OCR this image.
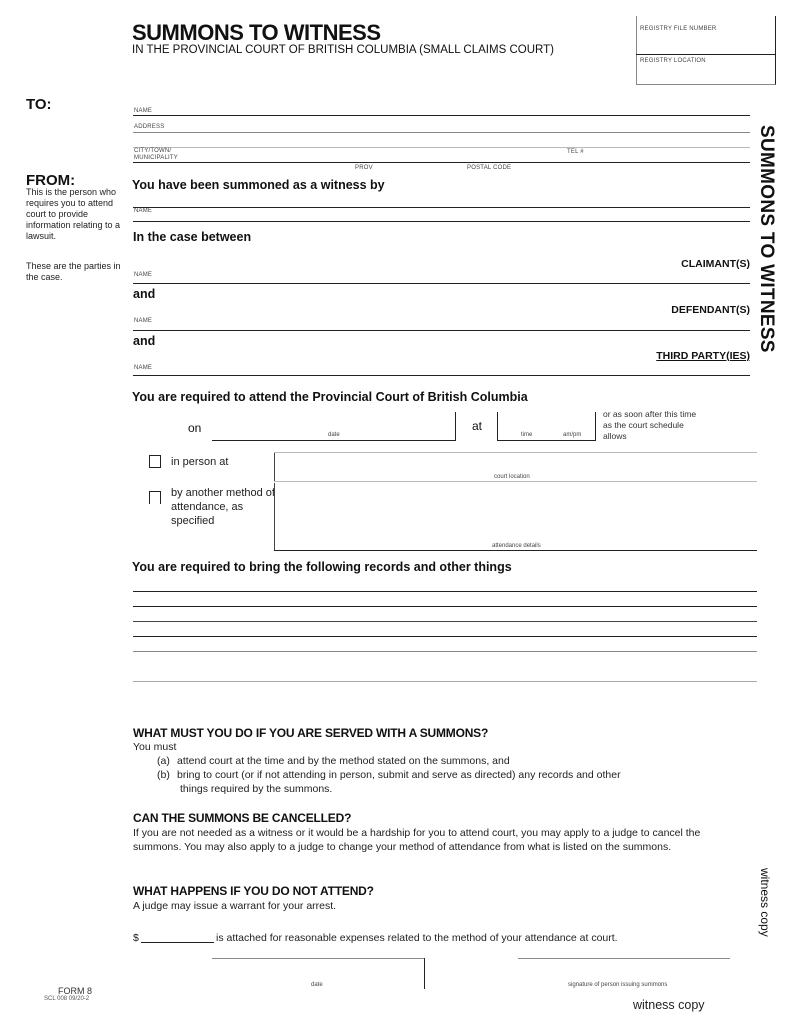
SUMMONS TO WITNESS
IN THE PROVINCIAL COURT OF BRITISH COLUMBIA (SMALL CLAIMS COURT)
REGISTRY FILE NUMBER
REGISTRY LOCATION
SUMMONS TO WITNESS
witness copy
TO:	NAME
ADDRESS
CITY/TOWN/
MUNICIPALITY
TEL #
PROV	POSTAL CODE
FROM:
This is the person who requires you to attend court to provide information relating to a lawsuit.
You have been summoned as a witness by
NAME
In the case between
These are the parties in the case.
CLAIMANT(S)
NAME
and
DEFENDANT(S)
NAME
and
THIRD PARTY(IES)
NAME
You are required to attend the Provincial Court of British Columbia
on	date
at
time	am/pm
or as soon after this time as the court schedule allows
in person at
court location
by another method of attendance, as specified
attendance details
You are required to bring the following records and other things
WHAT MUST YOU DO IF YOU ARE SERVED WITH A SUMMONS?
You must
(a) attend court at the time and by the method stated on the summons, and
(b) bring to court (or if not attending in person, submit and serve as directed) any records and other
things required by the summons.
CAN THE SUMMONS BE CANCELLED?
If you are not needed as a witness or it would be a hardship for you to attend court, you may apply to a judge to cancel the summons. You may also apply to a judge to change your method of attendance from what is listed on the summons.
WHAT HAPPENS IF YOU DO NOT ATTEND?
A judge may issue a warrant for your arrest.
$	is attached for reasonable expenses related to the method of your attendance at court.
date	signature of person issuing summons
FORM 8
SCL 008 09/20-2	witness copy
